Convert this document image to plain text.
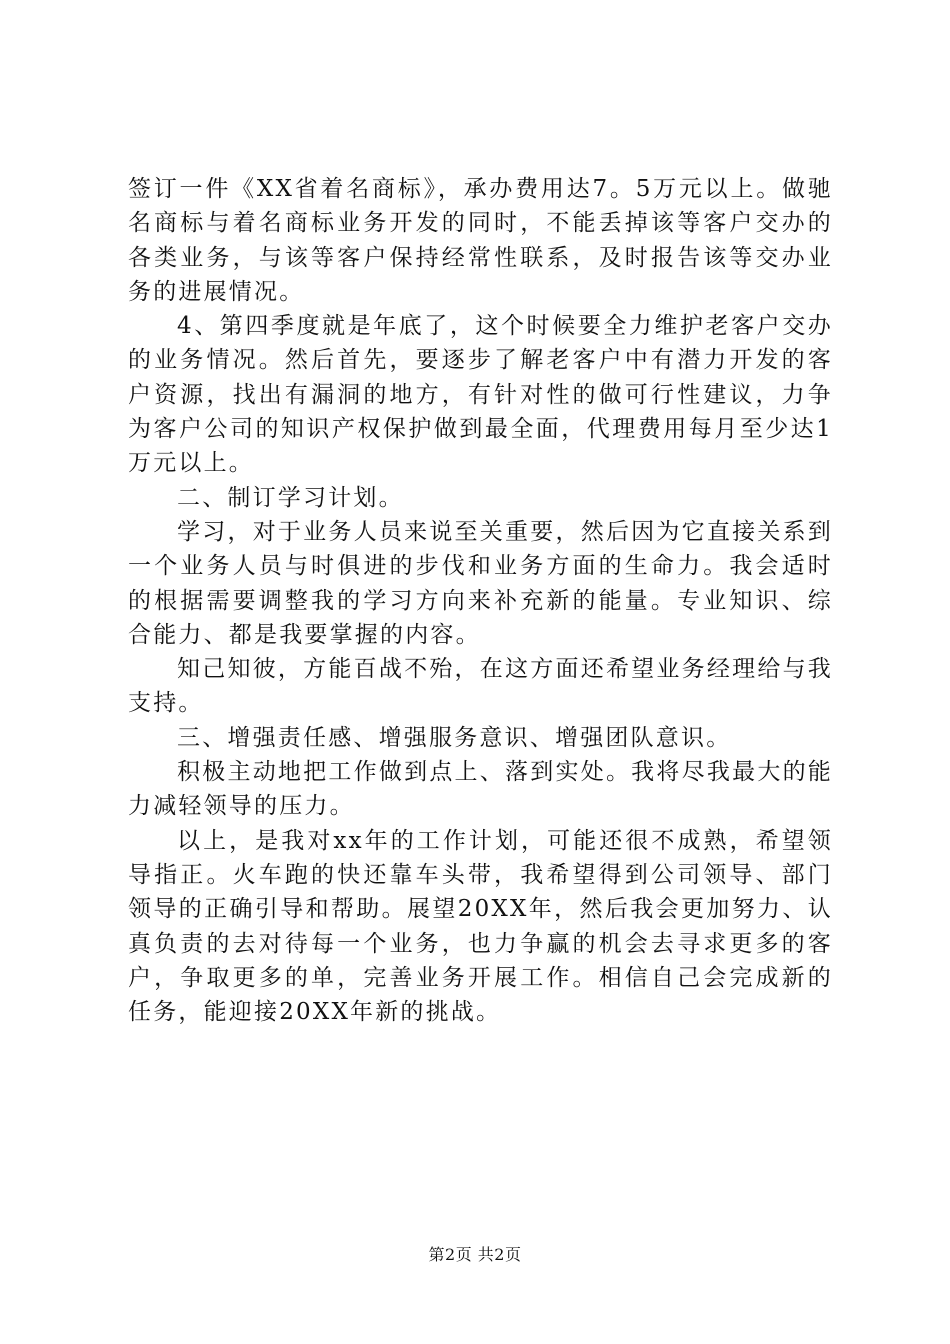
签订一件《XX省着名商标》，承办费用达7。5万元以上。做驰名商标与着名商标业务开发的同时，不能丢掉该等客户交办的各类业务，与该等客户保持经常性联系，及时报告该等交办业务的进展情况。

4、第四季度就是年底了，这个时候要全力维护老客户交办的业务情况。然后首先，要逐步了解老客户中有潜力开发的客户资源，找出有漏洞的地方，有针对性的做可行性建议，力争为客户公司的知识产权保护做到最全面，代理费用每月至少达1万元以上。

二、制订学习计划。

学习，对于业务人员来说至关重要，然后因为它直接关系到一个业务人员与时俱进的步伐和业务方面的生命力。我会适时的根据需要调整我的学习方向来补充新的能量。专业知识、综合能力、都是我要掌握的内容。

知己知彼，方能百战不殆，在这方面还希望业务经理给与我支持。

三、增强责任感、增强服务意识、增强团队意识。

积极主动地把工作做到点上、落到实处。我将尽我最大的能力减轻领导的压力。

以上，是我对xx年的工作计划，可能还很不成熟，希望领导指正。火车跑的快还靠车头带，我希望得到公司领导、部门领导的正确引导和帮助。展望20XX年，然后我会更加努力、认真负责的去对待每一个业务，也力争赢的机会去寻求更多的客户，争取更多的单，完善业务开展工作。相信自己会完成新的任务，能迎接20XX年新的挑战。

第2页 共2页
